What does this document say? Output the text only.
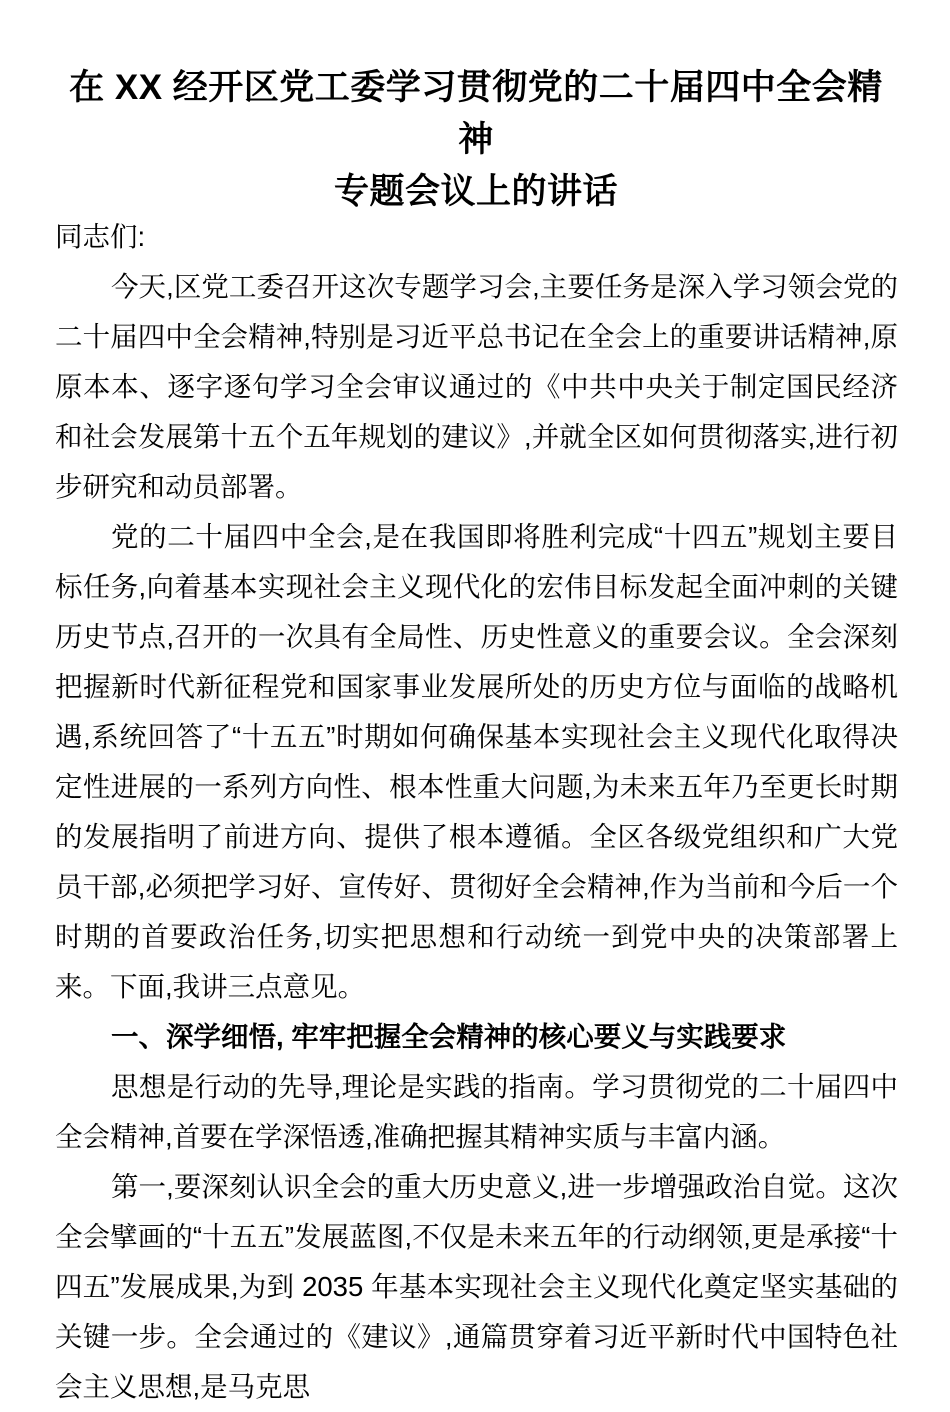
在 XX 经开区党工委学习贯彻党的二十届四中全会精神
专题会议上的讲话

同志们:

今天,区党工委召开这次专题学习会,主要任务是深入学习领会党的二十届四中全会精神,特别是习近平总书记在全会上的重要讲话精神,原原本本、逐字逐句学习全会审议通过的《中共中央关于制定国民经济和社会发展第十五个五年规划的建议》,并就全区如何贯彻落实,进行初步研究和动员部署。

党的二十届四中全会,是在我国即将胜利完成“十四五”规划主要目标任务,向着基本实现社会主义现代化的宏伟目标发起全面冲刺的关键历史节点,召开的一次具有全局性、历史性意义的重要会议。全会深刻把握新时代新征程党和国家事业发展所处的历史方位与面临的战略机遇,系统回答了“十五五”时期如何确保基本实现社会主义现代化取得决定性进展的一系列方向性、根本性重大问题,为未来五年乃至更长时期的发展指明了前进方向、提供了根本遵循。全区各级党组织和广大党员干部,必须把学习好、宣传好、贯彻好全会精神,作为当前和今后一个时期的首要政治任务,切实把思想和行动统一到党中央的决策部署上来。下面,我讲三点意见。

一、深学细悟, 牢牢把握全会精神的核心要义与实践要求

思想是行动的先导,理论是实践的指南。学习贯彻党的二十届四中全会精神,首要在学深悟透,准确把握其精神实质与丰富内涵。

第一,要深刻认识全会的重大历史意义,进一步增强政治自觉。这次全会擘画的“十五五”发展蓝图,不仅是未来五年的行动纲领,更是承接“十四五”发展成果,为到 2035 年基本实现社会主义现代化奠定坚实基础的关键一步。全会通过的《建议》,通篇贯穿着习近平新时代中国特色社会主义思想,是马克思
